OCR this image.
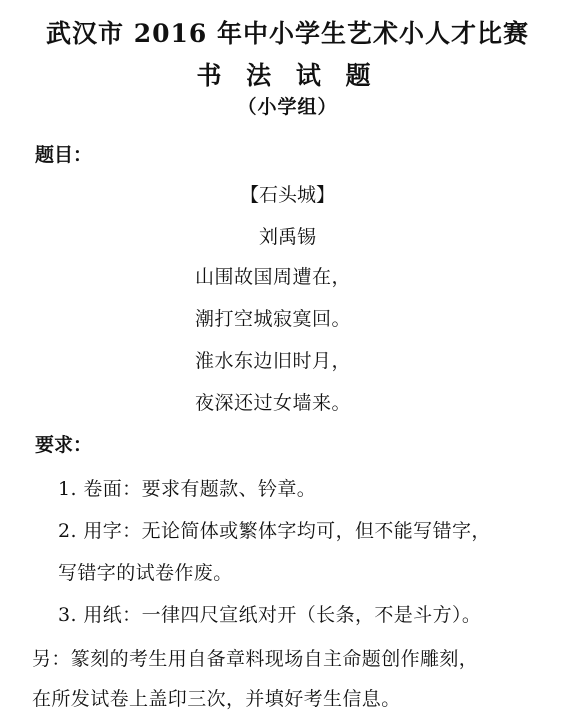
武汉市 2016 年中小学生艺术小人才比赛
书 法 试 题
（小学组）
题目：
【石头城】
刘禹锡
山围故国周遭在，
潮打空城寂寞回。
淮水东边旧时月，
夜深还过女墙来。
要求：
1. 卷面：要求有题款、钤章。
2. 用字：无论简体或繁体字均可，但不能写错字，
写错字的试卷作废。
3. 用纸：一律四尺宣纸对开（长条，不是斗方）。
另：篆刻的考生用自备章料现场自主命题创作雕刻，
在所发试卷上盖印三次，并填好考生信息。
